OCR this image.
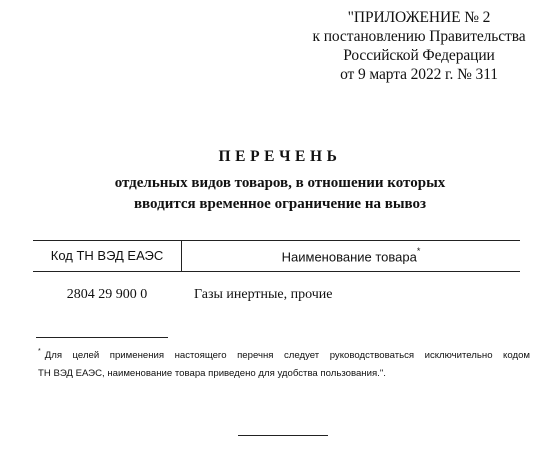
"ПРИЛОЖЕНИЕ № 2
к постановлению Правительства
Российской Федерации
от 9 марта 2022 г. № 311
ПЕРЕЧЕНЬ
отдельных видов товаров, в отношении которых
вводится временное ограничение на вывоз
Код ТН ВЭД ЕАЭС	Наименование товара*
2804 29 900 0	Газы инертные, прочие
* Для целей применения настоящего перечня следует руководствоваться исключительно кодом
ТН ВЭД ЕАЭС, наименование товара приведено для удобства пользования.".
